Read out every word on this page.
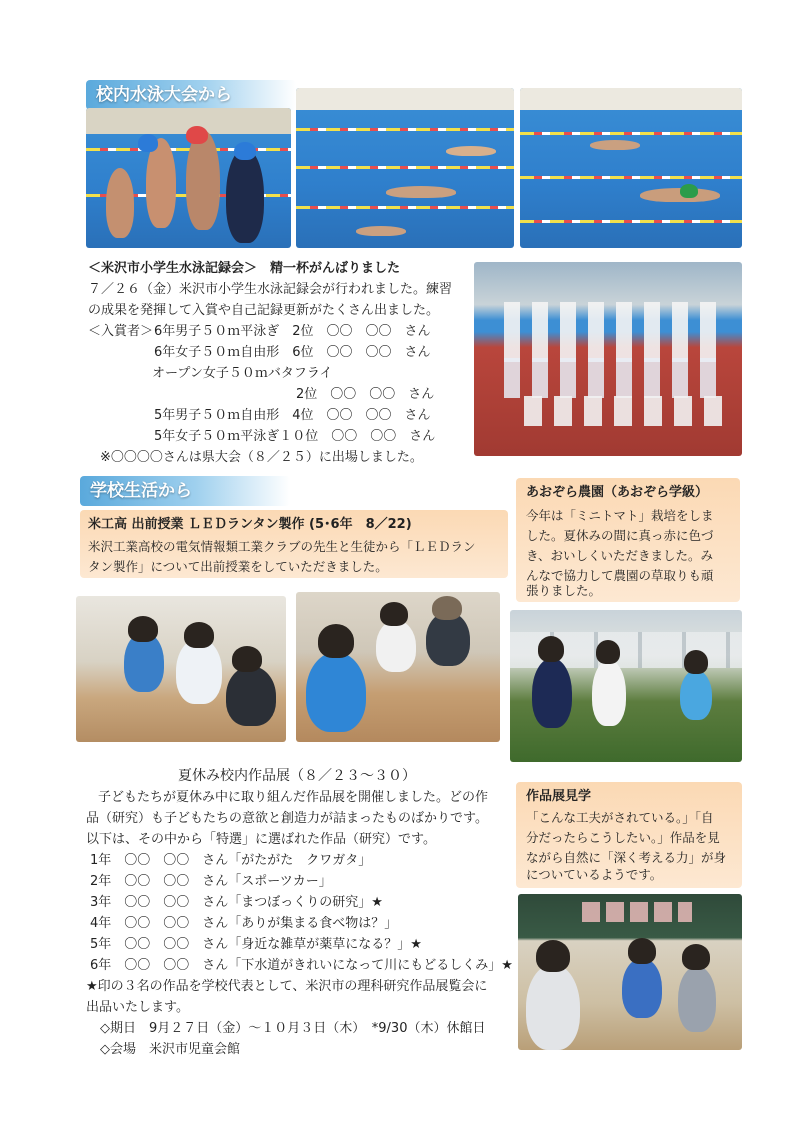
校内水泳大会から
＜米沢市小学生水泳記録会＞　精一杯がんばりました
７／２６（金）米沢市小学生水泳記録会が行われました。練習
の成果を発揮して入賞や自己記録更新がたくさん出ました。
＜入賞者＞ 6年男子５０ｍ平泳ぎ　2位　〇〇　〇〇　さん
6年女子５０ｍ自由形　6位　〇〇　〇〇　さん
オープン女子５０ｍバタフライ
2位　〇〇　〇〇　さん
5年男子５０ｍ自由形　4位　〇〇　〇〇　さん
5年女子５０ｍ平泳ぎ１０位　〇〇　〇〇　さん
※〇〇〇〇さんは県大会（８／２５）に出場しました。
学校生活から
米工高 出前授業 ＬＥＤランタン製作 (5･6年　8／22)
米沢工業高校の電気情報類工業クラブの先生と生徒から「ＬＥＤラン
タン製作」について出前授業をしていただきました。
あおぞら農園（あおぞら学級）
今年は「ミニトマト」栽培をしま
した。夏休みの間に真っ赤に色づ
き、おいしくいただきました。み
んなで協力して農園の草取りも頑
張りました。
夏休み校内作品展（８／２３～３０）
子どもたちが夏休み中に取り組んだ作品展を開催しました。どの作
品（研究）も子どもたちの意欲と創造力が詰まったものばかりです。
以下は、その中から「特選」に選ばれた作品（研究）です。
1年　〇〇　〇〇　さん「がたがた　クワガタ」
2年　〇〇　〇〇　さん「スポーツカー」
3年　〇〇　〇〇　さん「まつぼっくりの研究」★
4年　〇〇　〇〇　さん「ありが集まる食べ物は？」
5年　〇〇　〇〇　さん「身近な雑草が薬草になる？」★
6年　〇〇　〇〇　さん「下水道がきれいになって川にもどるしくみ」★
★印の３名の作品を学校代表として、米沢市の理科研究作品展覧会に
出品いたします。
◇期日　9月２７日（金）～１０月３日（木）　*9/30（木）休館日
◇会場　米沢市児童会館
作品展見学
「こんな工夫がされている。」「自
分だったらこうしたい。」作品を見
ながら自然に「深く考える力」が身
についているようです。
